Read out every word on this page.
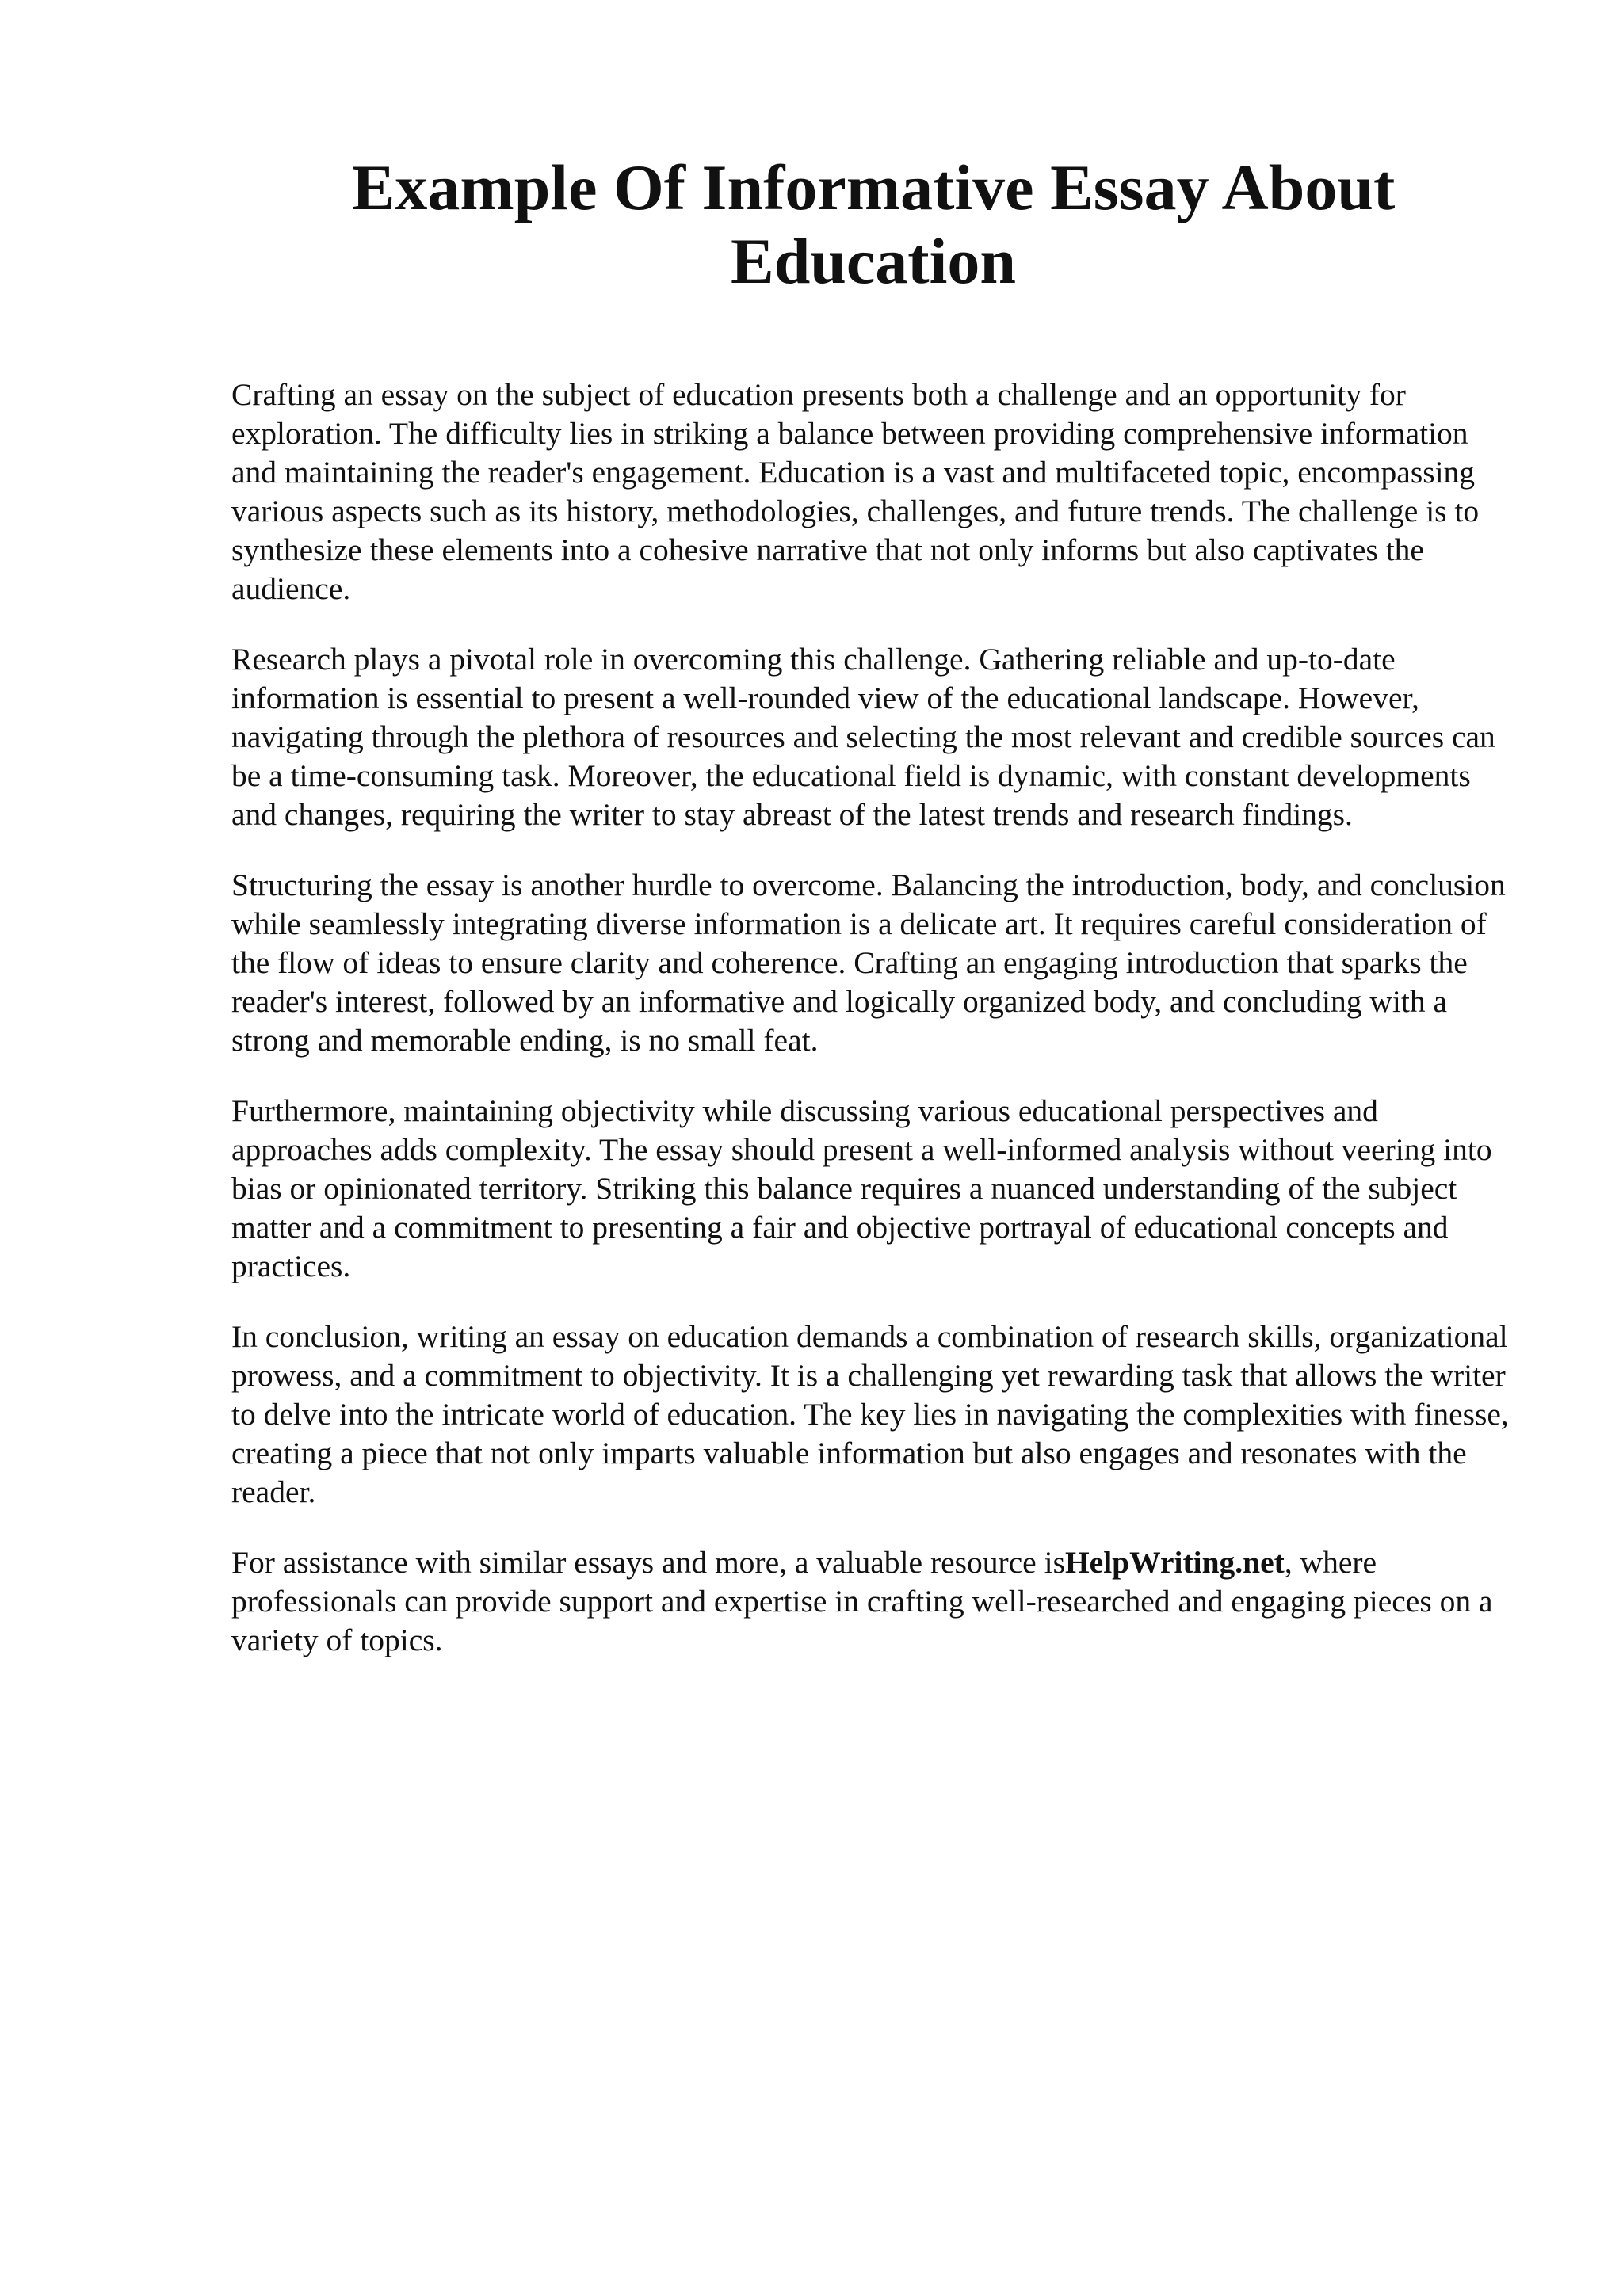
Example Of Informative Essay About Education

Crafting an essay on the subject of education presents both a challenge and an opportunity for exploration. The difficulty lies in striking a balance between providing comprehensive information and maintaining the reader's engagement. Education is a vast and multifaceted topic, encompassing various aspects such as its history, methodologies, challenges, and future trends. The challenge is to synthesize these elements into a cohesive narrative that not only informs but also captivates the audience.

Research plays a pivotal role in overcoming this challenge. Gathering reliable and up-to-date information is essential to present a well-rounded view of the educational landscape. However, navigating through the plethora of resources and selecting the most relevant and credible sources can be a time-consuming task. Moreover, the educational field is dynamic, with constant developments and changes, requiring the writer to stay abreast of the latest trends and research findings.

Structuring the essay is another hurdle to overcome. Balancing the introduction, body, and conclusion while seamlessly integrating diverse information is a delicate art. It requires careful consideration of the flow of ideas to ensure clarity and coherence. Crafting an engaging introduction that sparks the reader's interest, followed by an informative and logically organized body, and concluding with a strong and memorable ending, is no small feat.

Furthermore, maintaining objectivity while discussing various educational perspectives and approaches adds complexity. The essay should present a well-informed analysis without veering into bias or opinionated territory. Striking this balance requires a nuanced understanding of the subject matter and a commitment to presenting a fair and objective portrayal of educational concepts and practices.

In conclusion, writing an essay on education demands a combination of research skills, organizational prowess, and a commitment to objectivity. It is a challenging yet rewarding task that allows the writer to delve into the intricate world of education. The key lies in navigating the complexities with finesse, creating a piece that not only imparts valuable information but also engages and resonates with the reader.

For assistance with similar essays and more, a valuable resource isHelpWriting.net, where professionals can provide support and expertise in crafting well-researched and engaging pieces on a variety of topics.
